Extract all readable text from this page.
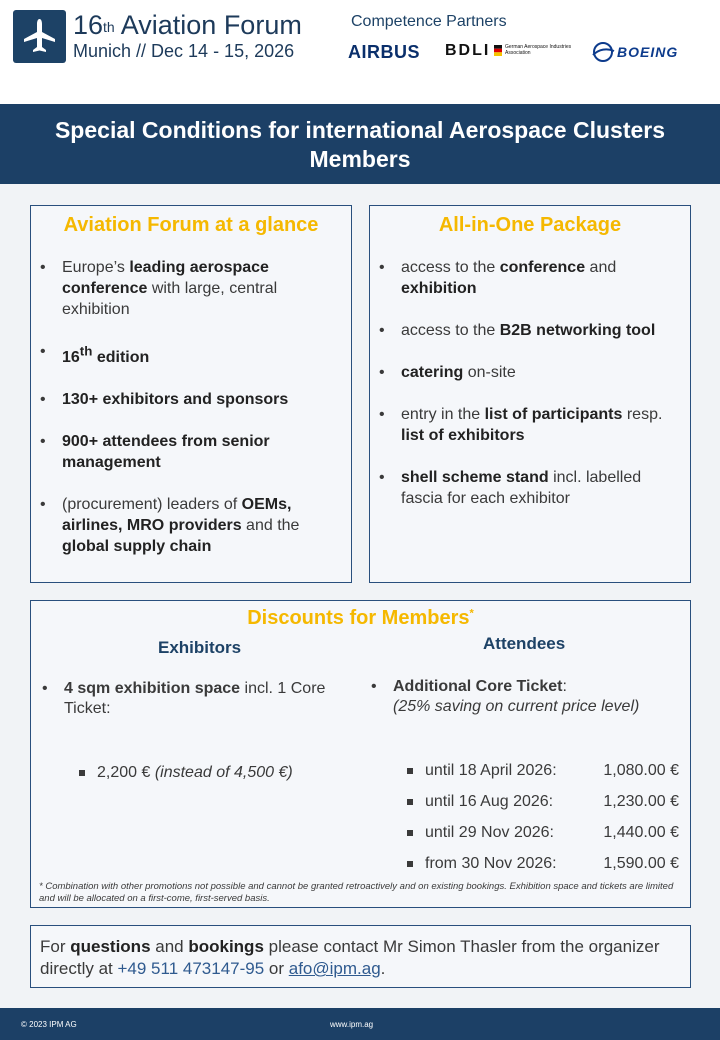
16th Aviation Forum
Munich // Dec 14 - 15, 2026
Competence Partners
AIRBUS BDLI	German Aerospace Industries Association	BOEING
Special Conditions for international Aerospace Clusters
Members
Aviation Forum at a glance
• Europe’s leading aerospace conference with large, central exhibition
• 16th edition
• 130+ exhibitors and sponsors
• 900+ attendees from senior management
• (procurement) leaders of OEMs, airlines, MRO providers and the global supply chain
All-in-One Package
• access to the conference and exhibition
• access to the B2B networking tool
• catering on-site
• entry in the list of participants resp. list of exhibitors
• shell scheme stand incl. labelled fascia for each exhibitor
Discounts for Members*
Exhibitors	Attendees
• 4 sqm exhibition space incl. 1 Core Ticket:
2,200 € (instead of 4,500 €)
• Additional Core Ticket:
(25% saving on current price level)
until 18 April 2026:	1,080.00 €
until 16 Aug 2026:	1,230.00 €
until 29 Nov 2026:	1,440.00 €
from 30 Nov 2026:	1,590.00 €
* Combination with other promotions not possible and cannot be granted retroactively and on existing bookings. Exhibition space and tickets are limited and will be allocated on a first-come, first-served basis.
For questions and bookings please contact Mr Simon Thasler from the organizer directly at +49 511 473147-95 or afo@ipm.ag.
© 2023 IPM AG	www.ipm.ag
